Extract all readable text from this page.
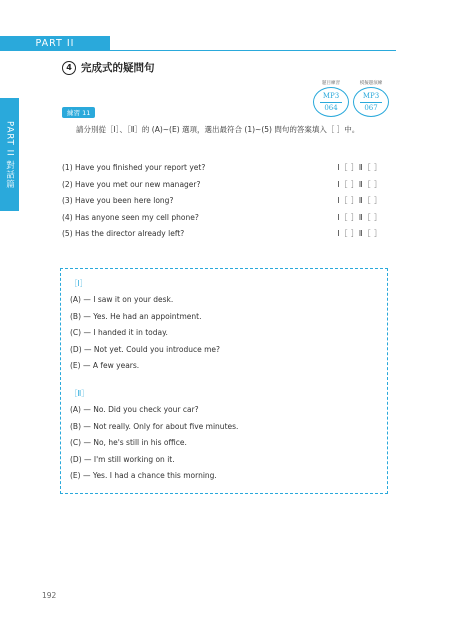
PART II
PART II 對話篇
4 完成式的疑問句
題目練習
MP3
064
模擬題演練
MP3
067
練習 11
請分別從［Ⅰ］、［Ⅱ］的 (A)~(E) 選項，選出最符合 (1)~(5) 問句的答案填入［ ］中。
(1) Have you finished your report yet?	Ⅰ［ ］Ⅱ［ ］
(2) Have you met our new manager?	Ⅰ［ ］Ⅱ［ ］
(3) Have you been here long?	Ⅰ［ ］Ⅱ［ ］
(4) Has anyone seen my cell phone?	Ⅰ［ ］Ⅱ［ ］
(5) Has the director already left?	Ⅰ［ ］Ⅱ［ ］
［Ⅰ］
(A) — I saw it on your desk.
(B) — Yes. He had an appointment.
(C) — I handed it in today.
(D) — Not yet. Could you introduce me?
(E) — A few years.
［Ⅱ］
(A) — No. Did you check your car?
(B) — Not really. Only for about five minutes.
(C) — No, he's still in his office.
(D) — I'm still working on it.
(E) — Yes. I had a chance this morning.
192
